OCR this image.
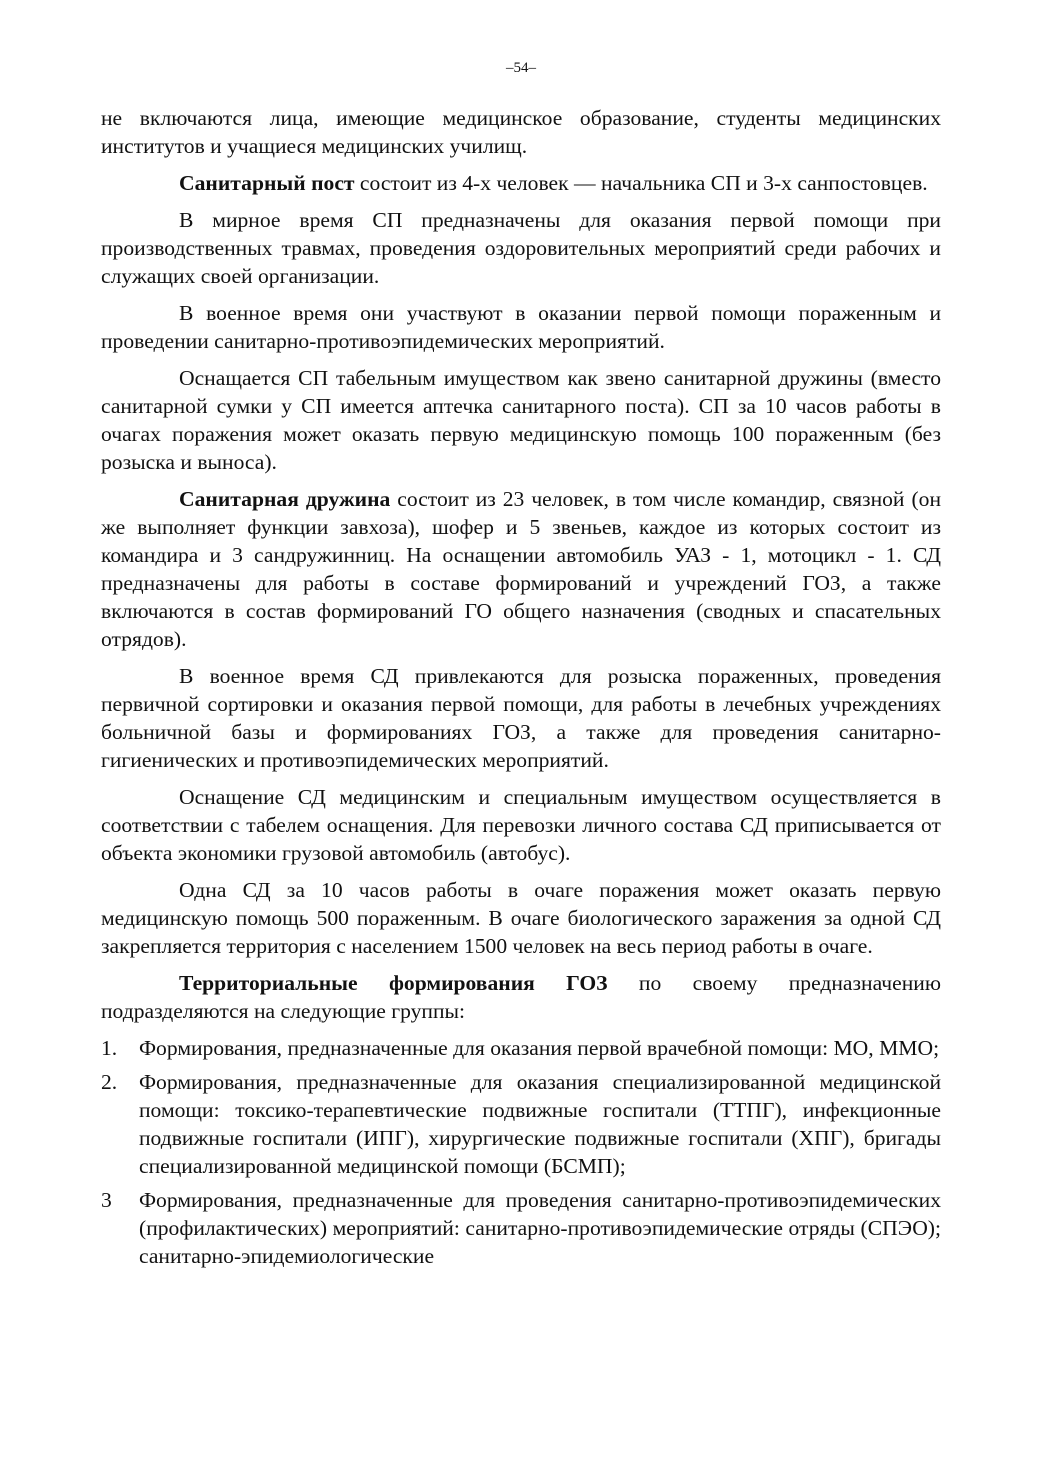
–54–

не включаются лица, имеющие медицинское образование, студенты медицинских институтов и учащиеся медицинских училищ.

Санитарный пост состоит из 4-х человек — начальника СП и 3-х санпостовцев.

В мирное время СП предназначены для оказания первой помощи при производственных травмах, проведения оздоровительных мероприятий среди рабочих и служащих своей организации.

В военное время они участвуют в оказании первой помощи пораженным и проведении санитарно-противоэпидемических мероприятий.

Оснащается СП табельным имуществом как звено санитарной дружины (вместо санитарной сумки у СП имеется аптечка санитарного поста). СП за 10 часов работы в очагах поражения может оказать первую медицинскую помощь 100 пораженным (без розыска и выноса).

Санитарная дружина состоит из 23 человек, в том числе командир, связной (он же выполняет функции завхоза), шофер и 5 звеньев, каждое из которых состоит из командира и 3 сандружинниц. На оснащении автомобиль УАЗ - 1, мотоцикл - 1. СД предназначены для работы в составе формирований и учреждений ГОЗ, а также включаются в состав формирований ГО общего назначения (сводных и спасательных отрядов).

В военное время СД привлекаются для розыска пораженных, проведения первичной сортировки и оказания первой помощи, для работы в лечебных учреждениях больничной базы и формированиях ГОЗ, а также для проведения санитарно-гигиенических и противоэпидемических мероприятий.

Оснащение СД медицинским и специальным имуществом осуществляется в соответствии с табелем оснащения. Для перевозки личного состава СД приписывается от объекта экономики грузовой автомобиль (автобус).

Одна СД за 10 часов работы в очаге поражения может оказать первую медицинскую помощь 500 пораженным. В очаге биологического заражения за одной СД закрепляется территория с населением 1500 человек на весь период работы в очаге.

Территориальные формирования ГОЗ по своему предназначению подразделяются на следующие группы:

1. Формирования, предназначенные для оказания первой врачебной помощи: МО, ММО;
2. Формирования, предназначенные для оказания специализированной медицинской помощи: токсико-терапевтические подвижные госпитали (ТТПГ), инфекционные подвижные госпитали (ИПГ), хирургические подвижные госпитали (ХПГ), бригады специализированной медицинской помощи (БСМП);
3 Формирования, предназначенные для проведения санитарно-противоэпидемических (профилактических) мероприятий: санитарно-противоэпидемические отряды (СПЭО); санитарно-эпидемиологические
